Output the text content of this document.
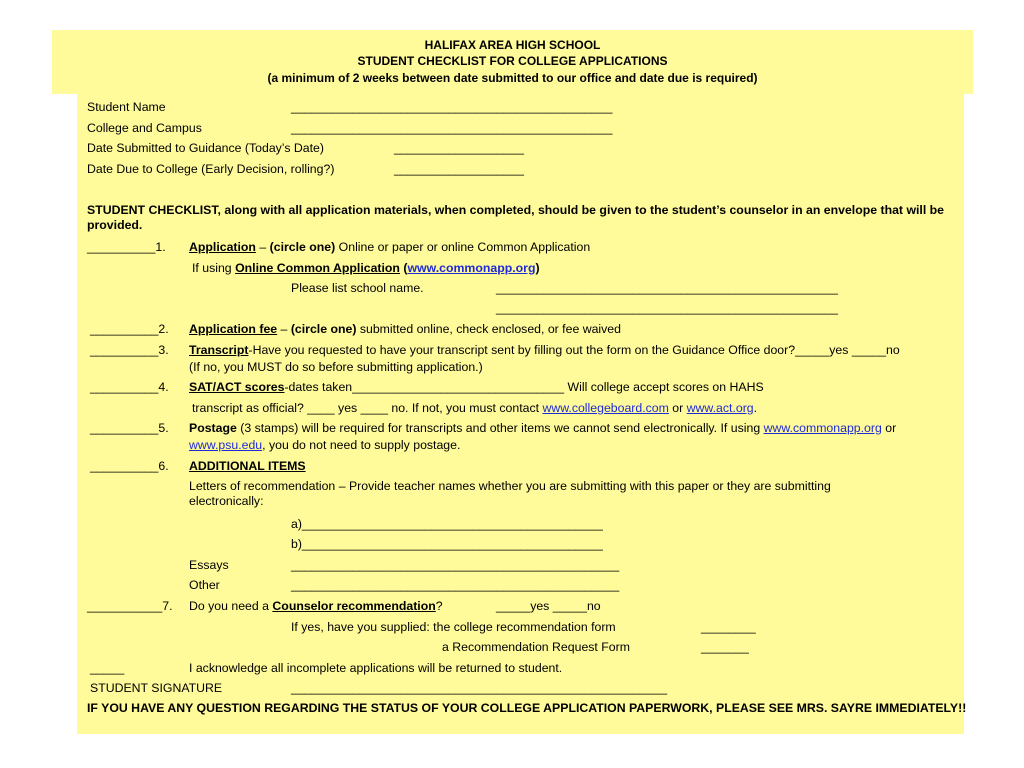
HALIFAX AREA HIGH SCHOOL
STUDENT CHECKLIST FOR COLLEGE APPLICATIONS
(a minimum of 2 weeks between date submitted to our office and date due is required)
Student Name	_______________________________________________
College and Campus	_______________________________________________
Date Submitted to Guidance (Today’s Date)	___________________
Date Due to College (Early Decision, rolling?)	___________________
STUDENT CHECKLIST, along with all application materials, when completed, should be given to the student’s counselor in an envelope that will be provided.
__________1. Application – (circle one) Online or paper or online Common Application
If using Online Common Application (www.commonapp.org)
Please list school name.	__________________________________________________
__________________________________________________
__________2. Application fee – (circle one) submitted online, check enclosed, or fee waived
__________3. Transcript-Have you requested to have your transcript sent by filling out the form on the Guidance Office door?_____yes _____no
(If no, you MUST do so before submitting application.)
__________4. SAT/ACT scores-dates taken_______________________________ Will college accept scores on HAHS
transcript as official? ____ yes ____ no. If not, you must contact www.collegeboard.com or www.act.org.
__________5. Postage (3 stamps) will be required for transcripts and other items we cannot send electronically. If using www.commonapp.org or
www.psu.edu, you do not need to supply postage.
__________6. ADDITIONAL ITEMS
Letters of recommendation – Provide teacher names whether you are submitting with this paper or they are submitting electronically:
a)____________________________________________
b)____________________________________________
Essays	________________________________________________
Other	________________________________________________
___________7. Do you need a Counselor recommendation?	_____yes _____no
If yes, have you supplied: the college recommendation form	________
a Recommendation Request Form	_______
_____	I acknowledge all incomplete applications will be returned to student.
STUDENT SIGNATURE	_______________________________________________________
IF YOU HAVE ANY QUESTION REGARDING THE STATUS OF YOUR COLLEGE APPLICATION PAPERWORK, PLEASE SEE MRS. SAYRE IMMEDIATELY!!
